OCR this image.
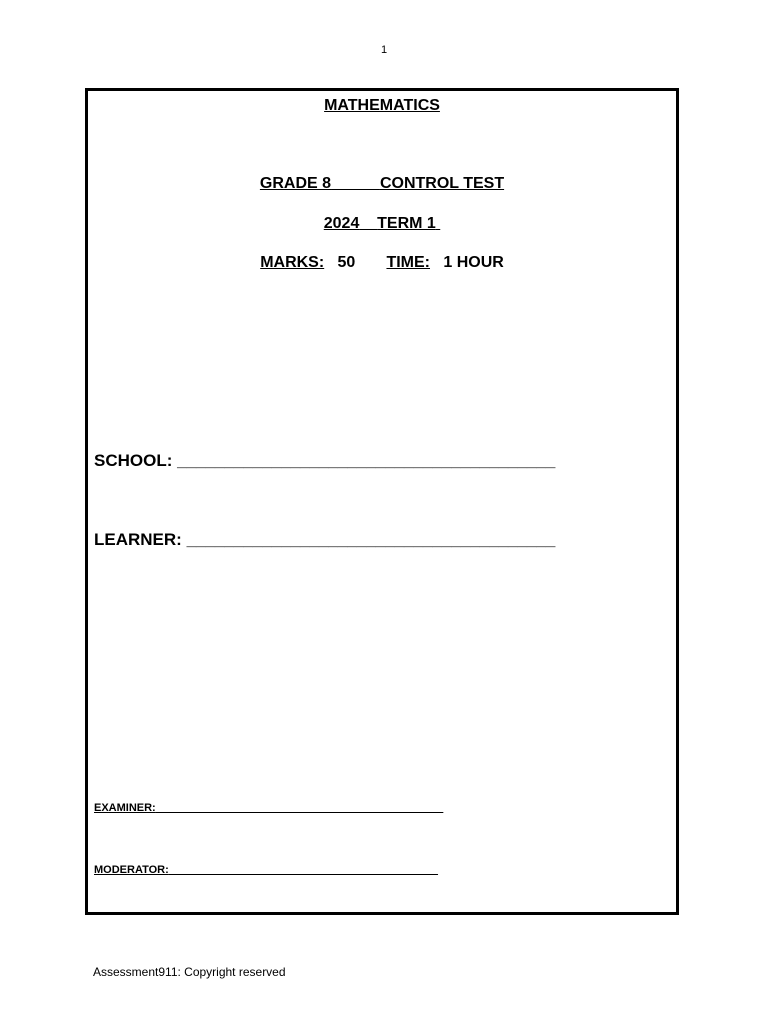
1
MATHEMATICS
GRADE 8	CONTROL TEST
2024 TERM 1
MARKS: 50 TIME: 1 HOUR
SCHOOL: ________________________________________
LEARNER: _______________________________________
EXAMINER:_______________________________________________
MODERATOR:____________________________________________
Assessment911: Copyright reserved
